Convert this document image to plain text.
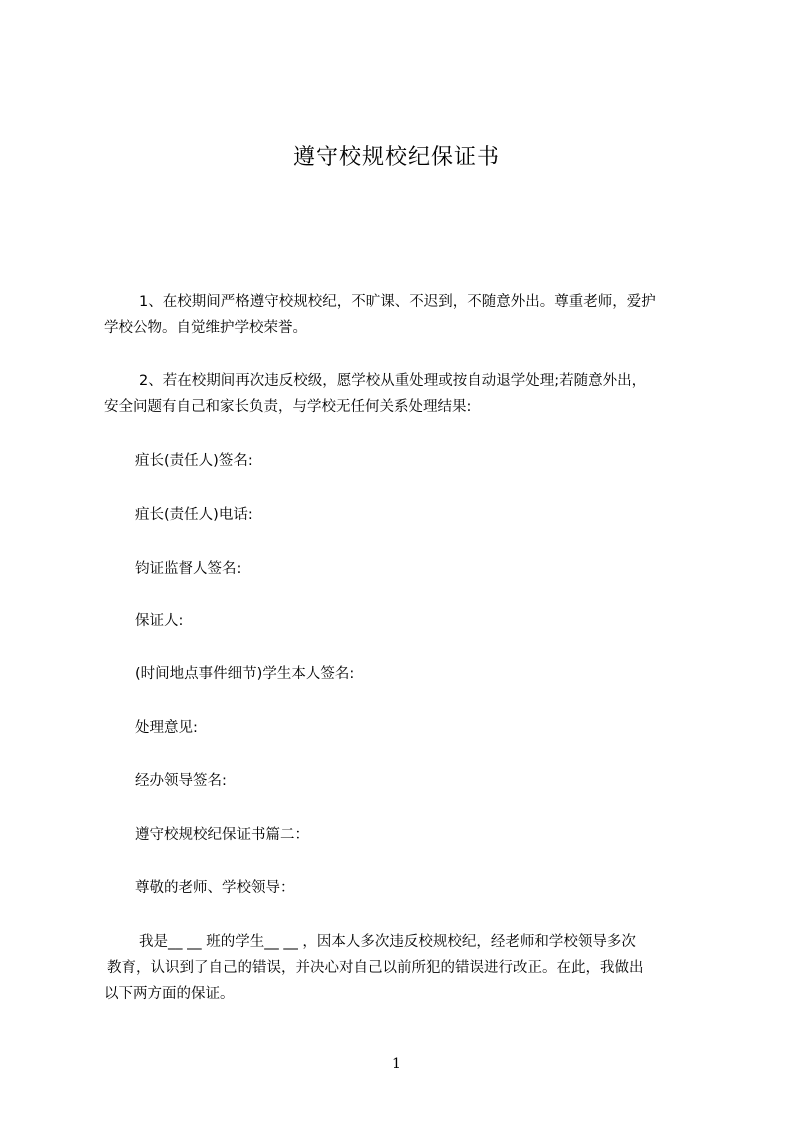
遵守校规校纪保证书
1、在校期间严格遵守校规校纪，不旷课、不迟到，不随意外出。尊重老师，爱护
学校公物。自觉维护学校荣誉。
2、若在校期间再次违反校级，愿学校从重处理或按自动退学处理;若随意外出，
安全问题有自己和家长负责，与学校无任何关系处理结果:
疽长(责任人)签名:
疽长(责任人)电话:
钧证监督人签名:
保证人:
(时间地点事件细节)学生本人签名:
处理意见:
经办领导签名:
遵守校规校纪保证书篇二：
尊敬的老师、学校领导：
我是__ __ 班的学生__ __ ，因本人多次违反校规校纪，经老师和学校领导多次
教育，认识到了自己的错误，并决心对自己以前所犯的错误进行改正。在此，我做出
以下两方面的保证。
1
